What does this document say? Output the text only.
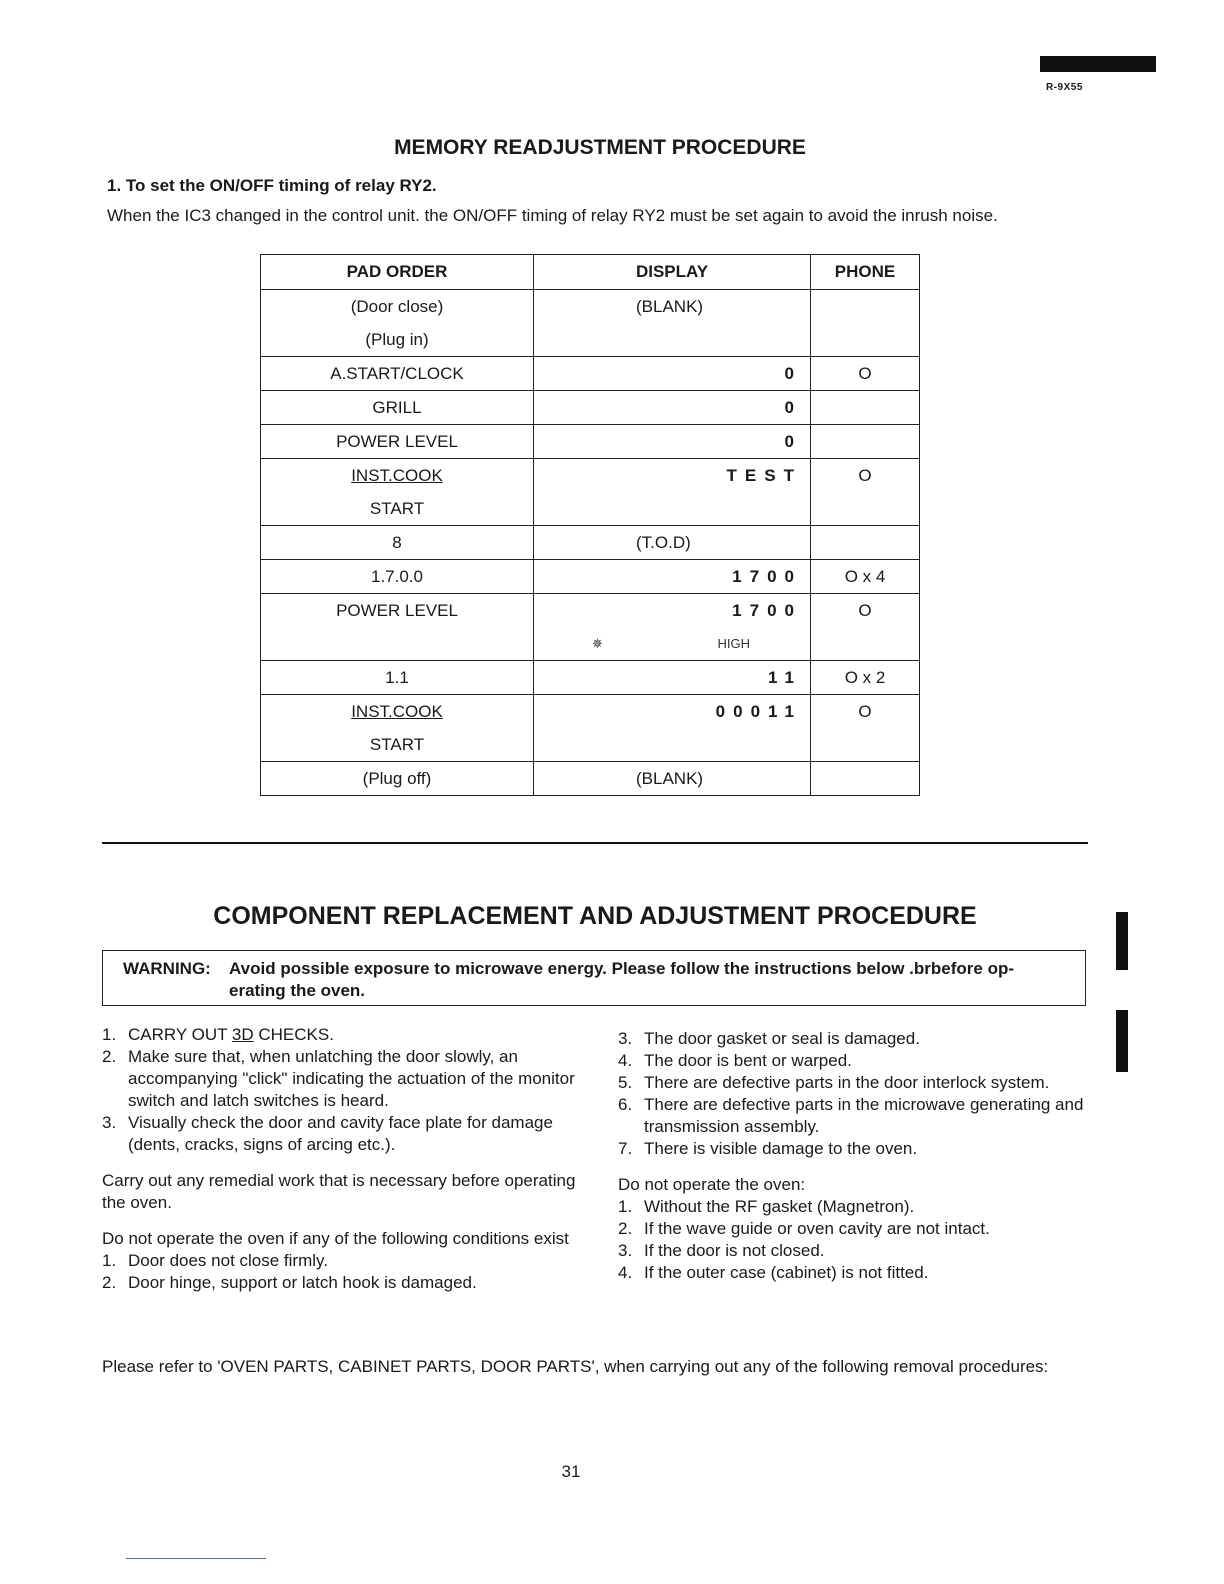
R-9X55
MEMORY READJUSTMENT PROCEDURE
1. To set the ON/OFF timing of relay RY2.
When the IC3 changed in the control unit. the ON/OFF timing of relay RY2 must be set again to avoid the inrush noise.
PAD ORDER	DISPLAY	PHONE

(Door close)
(Plug in)	(BLANK)	

A.START/CLOCK	0	O

GRILL	0	

POWER LEVEL	0	

INST.COOK
START	TEST	O

8	(T.O.D)	

1.7.0.0	1700	O x 4

POWER LEVEL	1700
✵ HIGH	O

1.1	11	O x 2

INST.COOK
START	00011	O

(Plug off)	(BLANK)	

COMPONENT REPLACEMENT AND ADJUSTMENT PROCEDURE
WARNING: Avoid possible exposure to microwave energy. Please follow the instructions below .brbefore op-
erating the oven.
1. CARRY OUT 3D CHECKS.
2. Make sure that, when unlatching the door slowly, an accompanying "click" indicating the actuation of the monitor switch and latch switches is heard.
3. Visually check the door and cavity face plate for damage (dents, cracks, signs of arcing etc.).
Carry out any remedial work that is necessary before operating the oven.
Do not operate the oven if any of the following conditions exist
1. Door does not close firmly.
2. Door hinge, support or latch hook is damaged.
3. The door gasket or seal is damaged.
4. The door is bent or warped.
5. There are defective parts in the door interlock system.
6. There are defective parts in the microwave generating and transmission assembly.
7. There is visible damage to the oven.
Do not operate the oven:
1. Without the RF gasket (Magnetron).
2. If the wave guide or oven cavity are not intact.
3. If the door is not closed.
4. If the outer case (cabinet) is not fitted.
Please refer to 'OVEN PARTS, CABINET PARTS, DOOR PARTS', when carrying out any of the following removal procedures:
31
